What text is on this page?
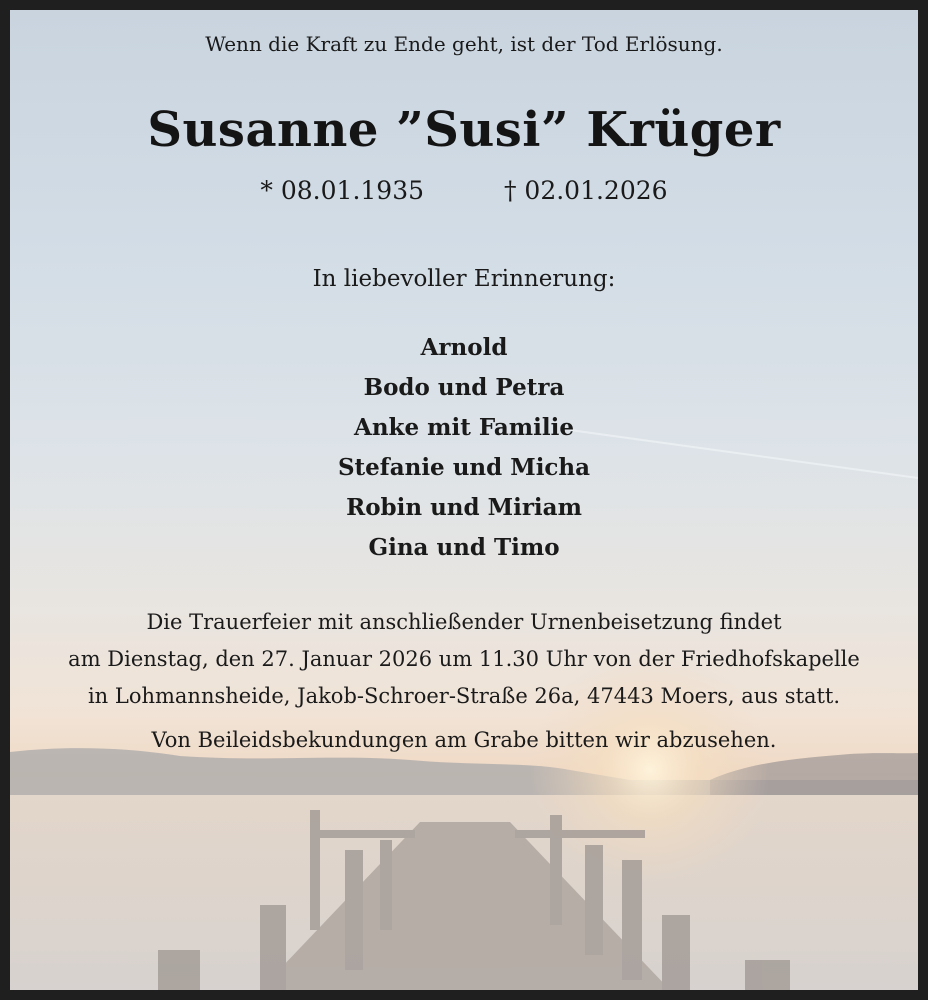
Wenn die Kraft zu Ende geht, ist der Tod Erlösung.
Susanne ”Susi” Krüger
* 08.01.1935	† 02.01.2026
In liebevoller Erinnerung:
Arnold
Bodo und Petra
Anke mit Familie
Stefanie und Micha
Robin und Miriam
Gina und Timo
Die Trauerfeier mit anschließender Urnenbeisetzung findet
am Dienstag, den 27. Januar 2026 um 11.30 Uhr von der Friedhofskapelle
in Lohmannsheide, Jakob-Schroer-Straße 26a, 47443 Moers, aus statt.
Von Beileidsbekundungen am Grabe bitten wir abzusehen.
